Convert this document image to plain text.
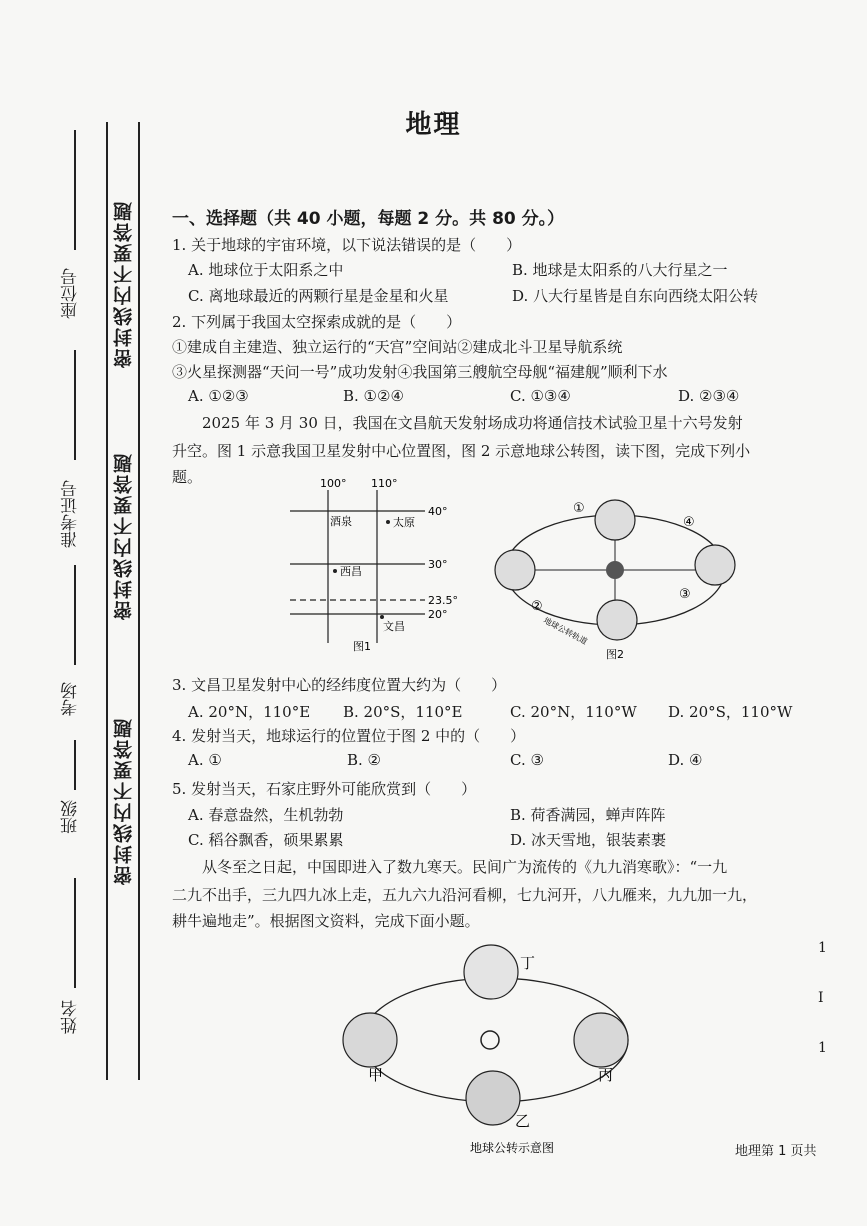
地理
密封线内不要答题
密封线内不要答题
密封线内不要答题
座位号
准考证号
考场
班级
姓名
一、选择题（共 40 小题，每题 2 分。共 80 分。）
1. 关于地球的宇宙环境，以下说法错误的是（　　）
A. 地球位于太阳系之中	B. 地球是太阳系的八大行星之一
C. 离地球最近的两颗行星是金星和火星	D. 八大行星皆是自东向西绕太阳公转
2. 下列属于我国太空探索成就的是（　　）
①建成自主建造、独立运行的“天宫”空间站②建成北斗卫星导航系统
③火星探测器“天问一号”成功发射④我国第三艘航空母舰“福建舰”顺利下水
A. ①②③	B. ①②④	C. ①③④	D. ②③④
2025 年 3 月 30 日，我国在文昌航天发射场成功将通信技术试验卫星十六号发射
升空。图 1 示意我国卫星发射中心位置图，图 2 示意地球公转图，读下图，完成下列小
题。	100° 110°
40°
30°
23.5°
20°
酒泉	太原
西昌
文昌
图1
①
②
③
④
地球公转轨道
图2
3. 文昌卫星发射中心的经纬度位置大约为（　　）
A. 20°N，110°E B. 20°S，110°E	C. 20°N，110°W D. 20°S，110°W
4. 发射当天，地球运行的位置位于图 2 中的（　　）
A. ①	B. ②	C. ③	D. ④
5. 发射当天，石家庄野外可能欣赏到（　　）
A. 春意盎然，生机勃勃	B. 荷香满园，蝉声阵阵
C. 稻谷飘香，硕果累累	D. 冰天雪地，银装素裹
从冬至之日起，中国即进入了数九寒天。民间广为流传的《九九消寒歌》：“一九
二九不出手，三九四九冰上走，五九六九沿河看柳，七九河开，八九雁来，九九加一九，
耕牛遍地走”。根据图文资料，完成下面小题。
丁
甲	丙
乙
地球公转示意图	地理第 1 页共
1
I
1
